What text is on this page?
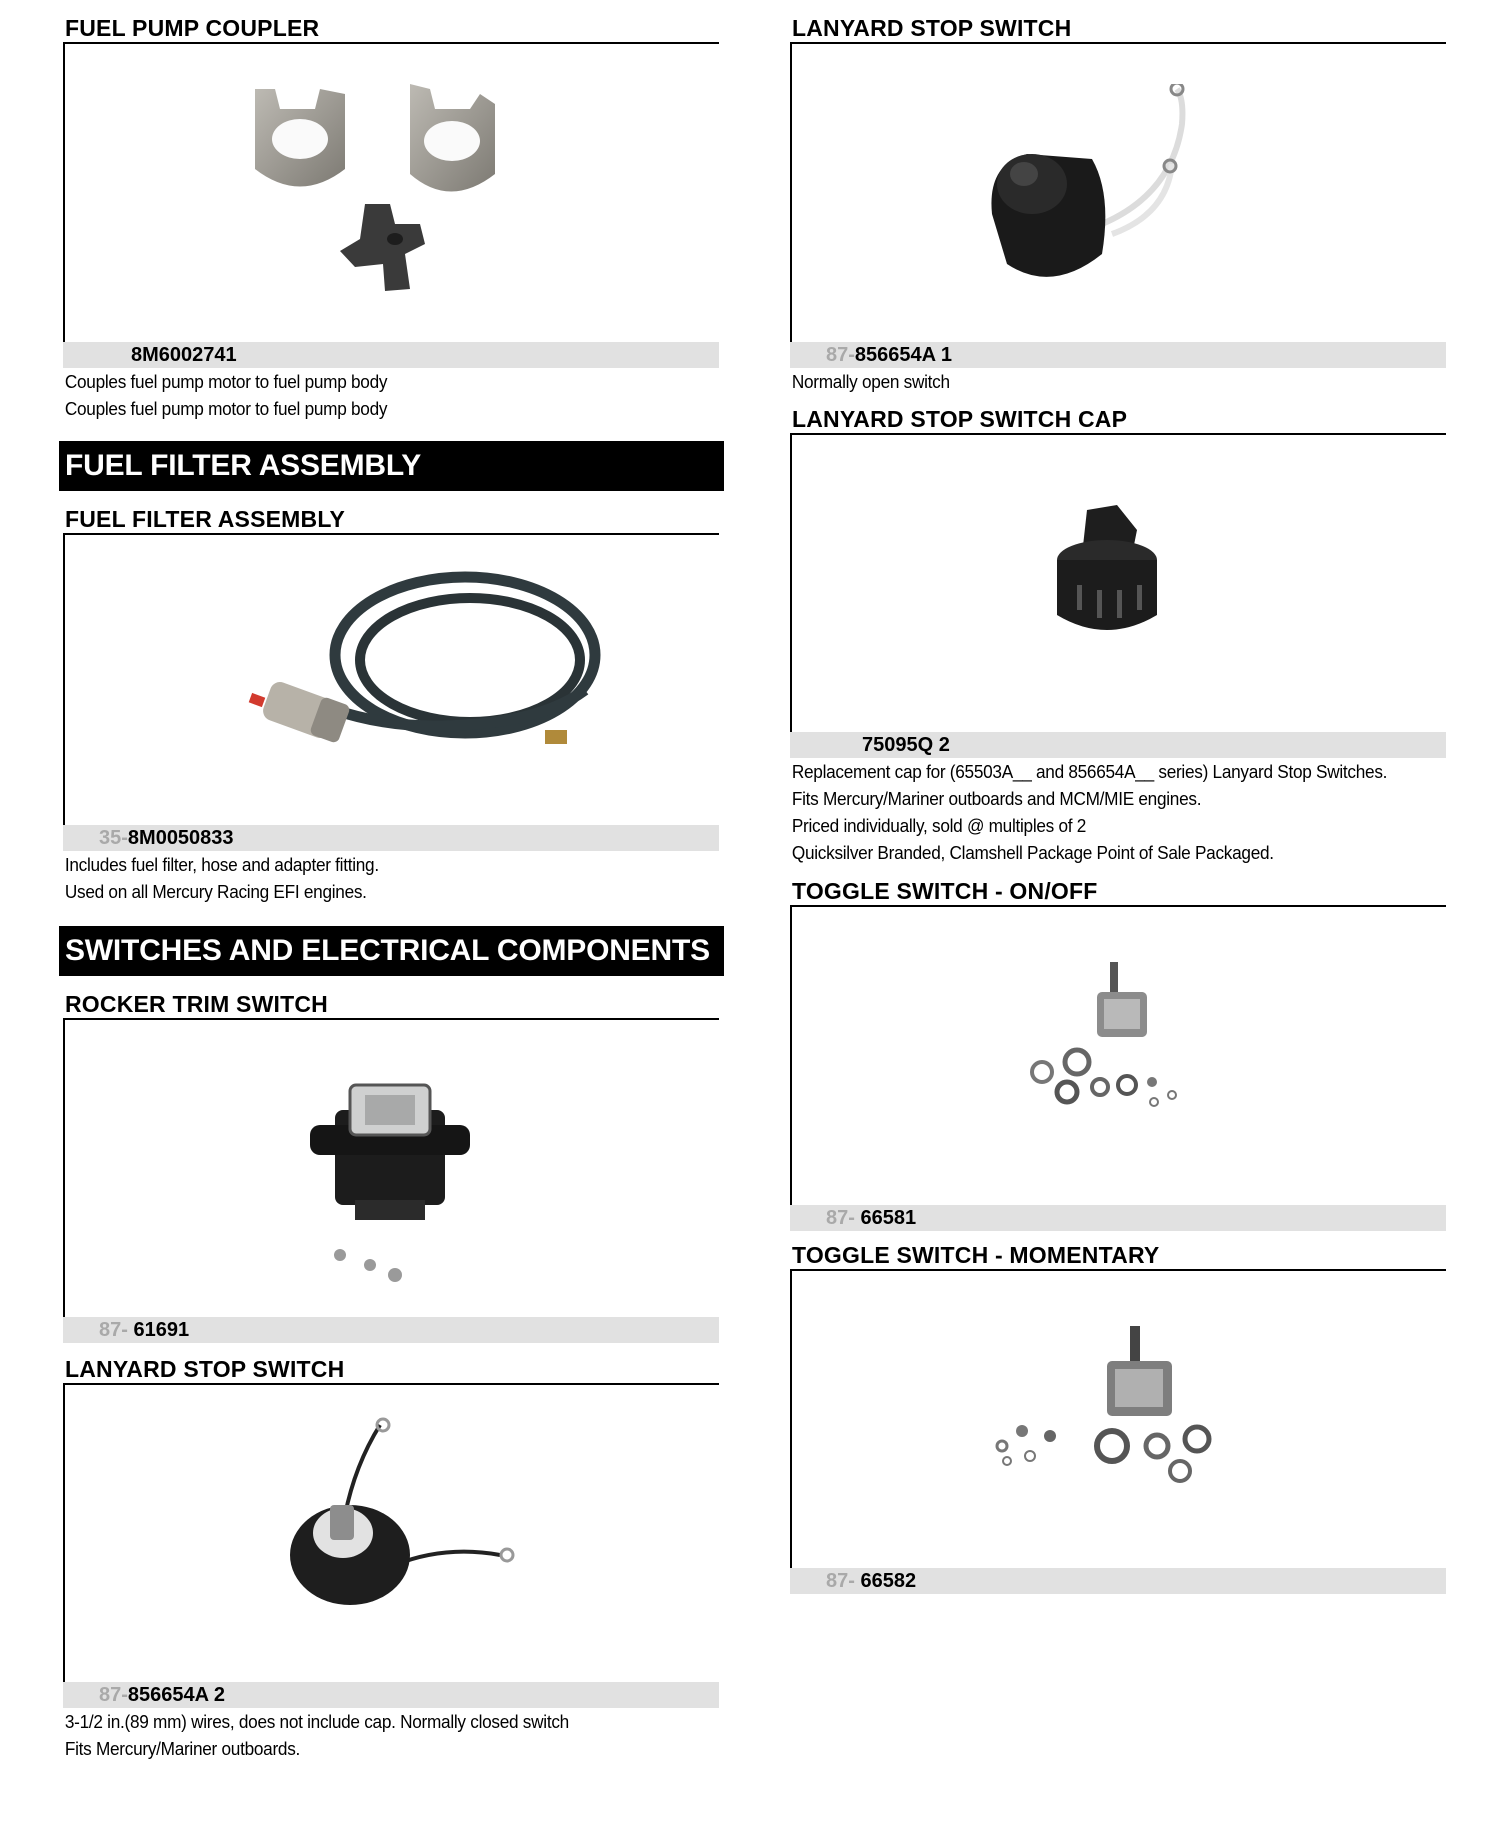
FUEL PUMP COUPLER
8M6002741
Couples fuel pump motor to fuel pump body
Couples fuel pump motor to fuel pump body
FUEL FILTER ASSEMBLY
FUEL FILTER ASSEMBLY
35-8M0050833
Includes fuel filter, hose and adapter fitting.
Used on all Mercury Racing EFI engines.
SWITCHES AND ELECTRICAL COMPONENTS
ROCKER TRIM SWITCH
87- 61691
LANYARD STOP SWITCH
87-856654A 2
3-1/2 in.(89 mm) wires, does not include cap. Normally closed switch
Fits Mercury/Mariner outboards.
LANYARD STOP SWITCH
87-856654A 1
Normally open switch
LANYARD STOP SWITCH CAP
75095Q 2
Replacement cap for (65503A__ and 856654A__ series) Lanyard Stop Switches.
Fits Mercury/Mariner outboards and MCM/MIE engines.
Priced individually, sold @ multiples of 2
Quicksilver Branded, Clamshell Package Point of Sale Packaged.
TOGGLE SWITCH - ON/OFF
87- 66581
TOGGLE SWITCH - MOMENTARY
87- 66582
